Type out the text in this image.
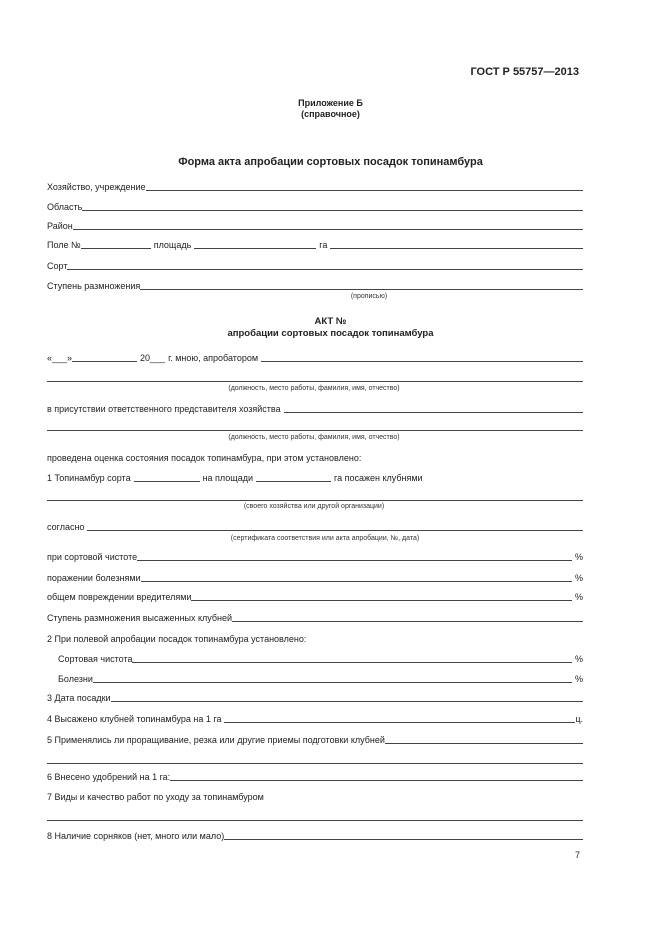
ГОСТ Р 55757—2013
Приложение Б
(справочное)
Форма акта апробации сортовых посадок топинамбура
Хозяйство, учреждение
Область
Район
Поле №	площадь	га
Сорт
Ступень размножения
(прописью)
АКТ №
апробации сортовых посадок топинамбура
«___»	20___ г. мною, апробатором
(должность, место работы, фамилия, имя, отчество)
в присутствии ответственного представителя хозяйства
(должность, место работы, фамилия, имя, отчество)
проведена оценка состояния посадок топинамбура, при этом установлено:
1 Топинамбур сорта	на площади	га посажен клубнями
(своего хозяйства или другой организации)
согласно
(сертификата соответствия или акта апробации, №, дата)
при сортовой чистоте	%
поражении болезнями	%
общем повреждении вредителями	%
Ступень размножения высаженных клубней
2 При полевой апробации посадок топинамбура установлено:
Сортовая чистота	%
Болезни	%
3 Дата посадки
4 Высажено клубней топинамбура на 1 га	ц.
5 Применялись ли проращивание, резка или другие приемы подготовки клубней
6 Внесено удобрений на 1 га:
7 Виды и качество работ по уходу за топинамбуром
8 Наличие сорняков (нет, много или мало)
7
